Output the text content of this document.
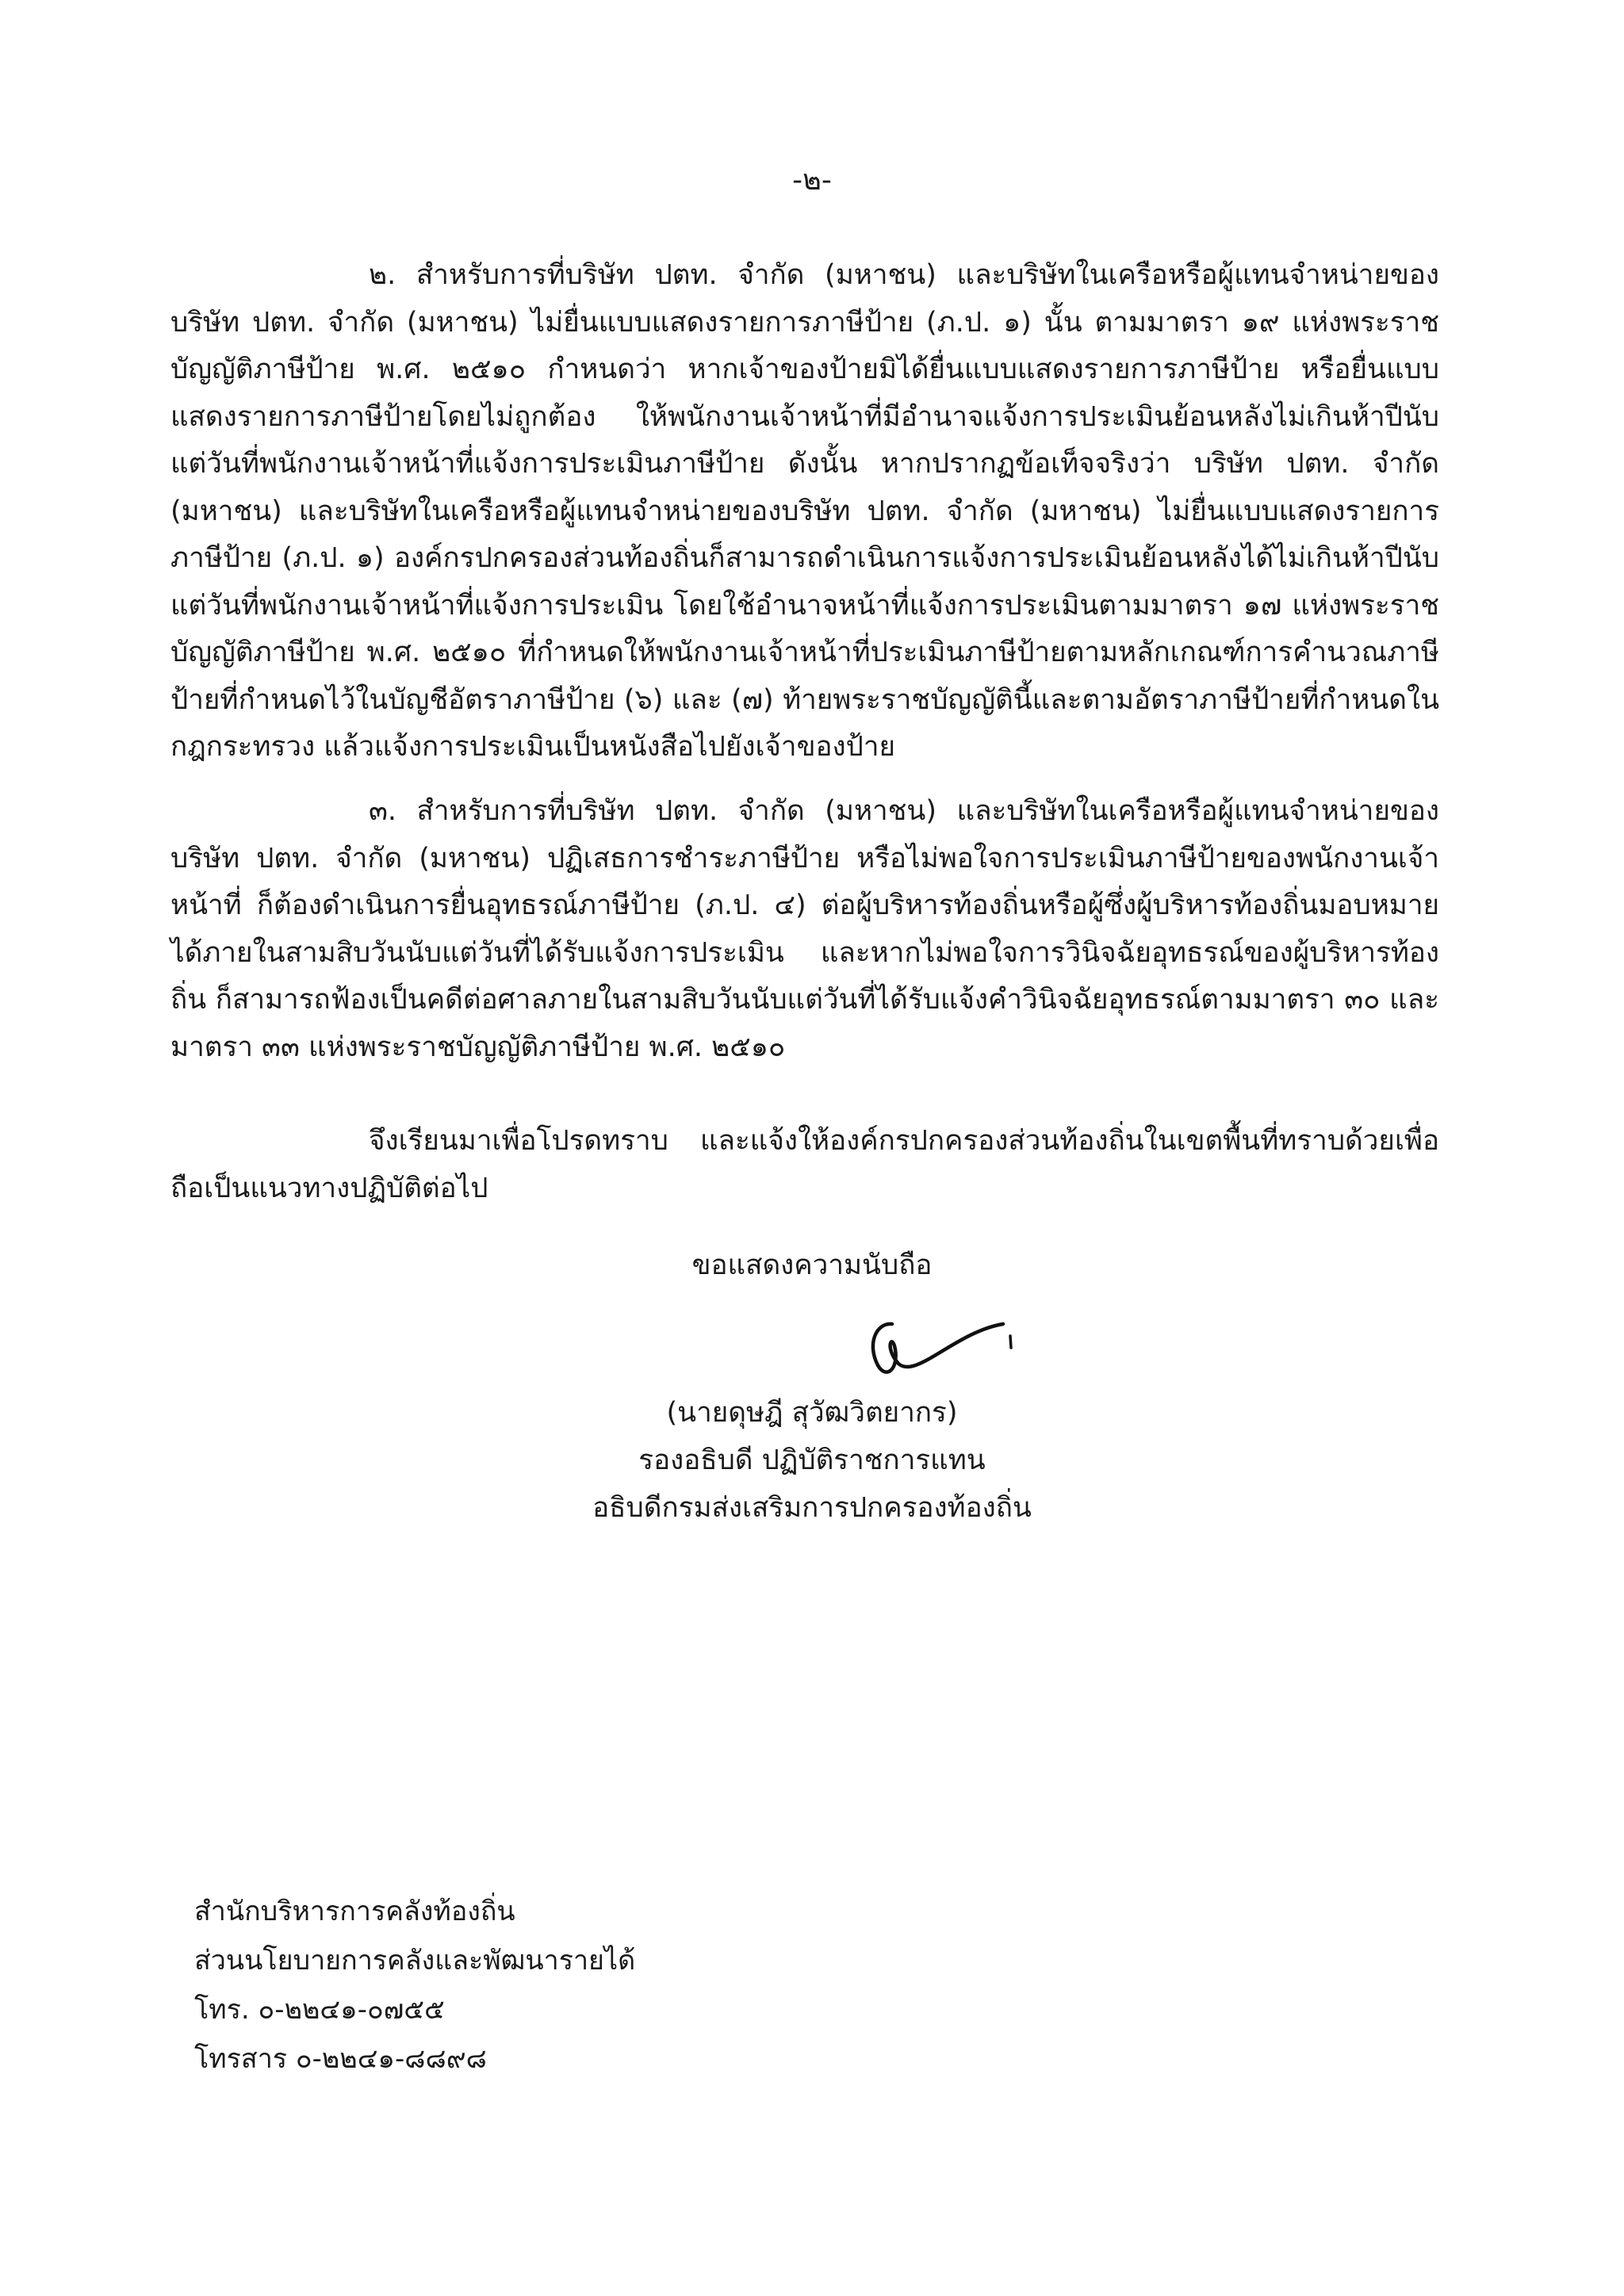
-๒-

๒. สำหรับการที่บริษัท ปตท. จำกัด (มหาชน) และบริษัทในเครือหรือผู้แทนจำหน่ายของบริษัท ปตท. จำกัด (มหาชน) ไม่ยื่นแบบแสดงรายการภาษีป้าย (ภ.ป. ๑) นั้น ตามมาตรา ๑๙ แห่งพระราชบัญญัติภาษีป้าย พ.ศ. ๒๕๑๐ กำหนดว่า หากเจ้าของป้ายมิได้ยื่นแบบแสดงรายการภาษีป้าย หรือยื่นแบบแสดงรายการภาษีป้ายโดยไม่ถูกต้อง ให้พนักงานเจ้าหน้าที่มีอำนาจแจ้งการประเมินย้อนหลังไม่เกินห้าปีนับแต่วันที่พนักงานเจ้าหน้าที่แจ้งการประเมินภาษีป้าย ดังนั้น หากปรากฏข้อเท็จจริงว่า บริษัท ปตท. จำกัด (มหาชน) และบริษัทในเครือหรือผู้แทนจำหน่ายของบริษัท ปตท. จำกัด (มหาชน) ไม่ยื่นแบบแสดงรายการภาษีป้าย (ภ.ป. ๑) องค์กรปกครองส่วนท้องถิ่นก็สามารถดำเนินการแจ้งการประเมินย้อนหลังได้ไม่เกินห้าปีนับแต่วันที่พนักงานเจ้าหน้าที่แจ้งการประเมิน โดยใช้อำนาจหน้าที่แจ้งการประเมินตามมาตรา ๑๗ แห่งพระราชบัญญัติภาษีป้าย พ.ศ. ๒๕๑๐ ที่กำหนดให้พนักงานเจ้าหน้าที่ประเมินภาษีป้ายตามหลักเกณฑ์การคำนวณภาษีป้ายที่กำหนดไว้ในบัญชีอัตราภาษีป้าย (๖) และ (๗) ท้ายพระราชบัญญัตินี้และตามอัตราภาษีป้ายที่กำหนดในกฎกระทรวง แล้วแจ้งการประเมินเป็นหนังสือไปยังเจ้าของป้าย

๓. สำหรับการที่บริษัท ปตท. จำกัด (มหาชน) และบริษัทในเครือหรือผู้แทนจำหน่ายของบริษัท ปตท. จำกัด (มหาชน) ปฏิเสธการชำระภาษีป้าย หรือไม่พอใจการประเมินภาษีป้ายของพนักงานเจ้าหน้าที่ ก็ต้องดำเนินการยื่นอุทธรณ์ภาษีป้าย (ภ.ป. ๔) ต่อผู้บริหารท้องถิ่นหรือผู้ซึ่งผู้บริหารท้องถิ่นมอบหมายได้ภายในสามสิบวันนับแต่วันที่ได้รับแจ้งการประเมิน และหากไม่พอใจการวินิจฉัยอุทธรณ์ของผู้บริหารท้องถิ่น ก็สามารถฟ้องเป็นคดีต่อศาลภายในสามสิบวันนับแต่วันที่ได้รับแจ้งคำวินิจฉัยอุทธรณ์ตามมาตรา ๓๐ และมาตรา ๓๓ แห่งพระราชบัญญัติภาษีป้าย พ.ศ. ๒๕๑๐

จึงเรียนมาเพื่อโปรดทราบ และแจ้งให้องค์กรปกครองส่วนท้องถิ่นในเขตพื้นที่ทราบด้วยเพื่อถือเป็นแนวทางปฏิบัติต่อไป

ขอแสดงความนับถือ
(นายดุษฎี สุวัฒวิตยากร)
รองอธิบดี ปฏิบัติราชการแทน
อธิบดีกรมส่งเสริมการปกครองท้องถิ่น
สำนักบริหารการคลังท้องถิ่น
ส่วนนโยบายการคลังและพัฒนารายได้
โทร. ๐-๒๒๔๑-๐๗๕๕
โทรสาร ๐-๒๒๔๑-๘๘๙๘
